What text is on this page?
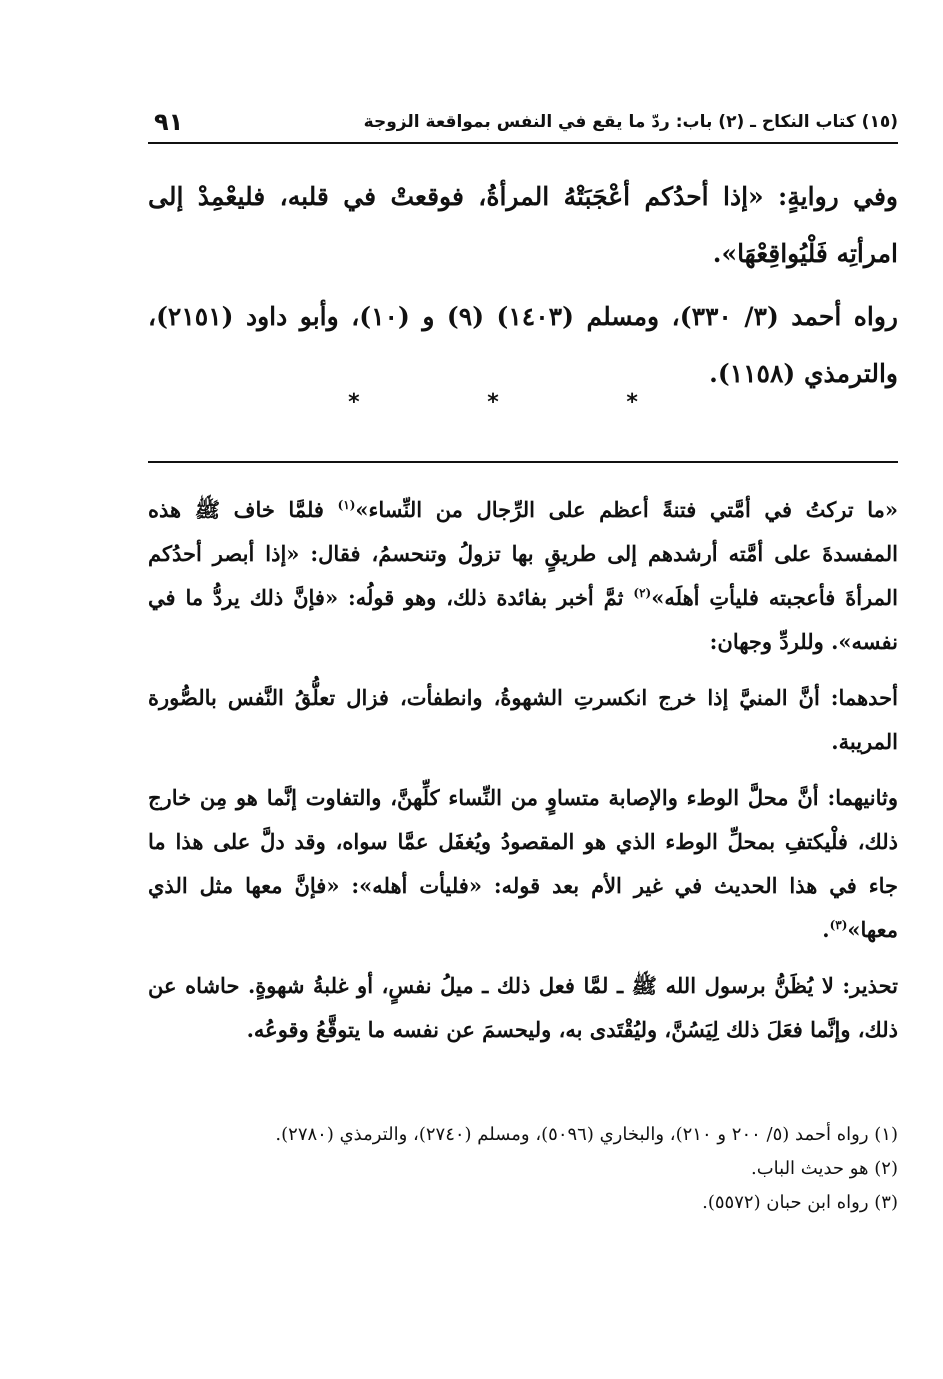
(١٥) كتاب النكاح ـ (٢) باب: ردّ ما يقع في النفس بمواقعة الزوجة
٩١

وفي روايةٍ: «إذا أحدُكم أعْجَبَتْهُ المرأةُ، فوقعتْ في قلبه، فليعْمِدْ إلى امرأتِه فَلْيُواقِعْهَا».

رواه أحمد (٣/ ٣٣٠)، ومسلم (١٤٠٣) (٩) و (١٠)، وأبو داود (٢١٥١)، والترمذي (١١٥٨).

* * *

«ما تركتُ في أمَّتي فتنةً أعظم على الرِّجال من النِّساء»$^{(١)}$ فلمَّا خاف ﷺ هذه المفسدةَ على أمَّته أرشدهم إلى طريقٍ بها تزولُ وتنحسمُ، فقال: «إذا أبصر أحدُكم المرأةَ فأعجبته فليأتِ أهلَه»$^{(٢)}$ ثمَّ أخبر بفائدة ذلك، وهو قولُه: «فإنَّ ذلك يردُّ ما في نفسه». وللردِّ وجهان:

أحدهما: أنَّ المنيَّ إذا خرج انكسرتِ الشهوةُ، وانطفأت، فزال تعلُّقُ النَّفس بالصُّورة المريبة.

وثانيهما: أنَّ محلَّ الوطء والإصابة متساوٍ من النِّساء كلِّهنَّ، والتفاوت إنَّما هو مِن خارج ذلك، فلْيكتفِ بمحلِّ الوطء الذي هو المقصودُ ويُغفَل عمَّا سواه، وقد دلَّ على هذا ما جاء في هذا الحديث في غير الأم بعد قوله: «فليأت أهله»: «فإنَّ معها مثل الذي معها»$^{(٣)}$.

تحذير: لا يُظَنُّ برسول الله ﷺ ـ لمَّا فعل ذلك ـ ميلُ نفسٍ، أو غلبةُ شهوةٍ. حاشاه عن ذلك، وإنَّما فعَلَ ذلك لِيَسُنَّ، وليُقْتَدى به، وليحسمَ عن نفسه ما يتوقَّعُ وقوعُه.

(١) رواه أحمد (٥/ ٢٠٠ و ٢١٠)، والبخاري (٥٠٩٦)، ومسلم (٢٧٤٠)، والترمذي (٢٧٨٠).

(٢) هو حديث الباب.

(٣) رواه ابن حبان (٥٥٧٢).
